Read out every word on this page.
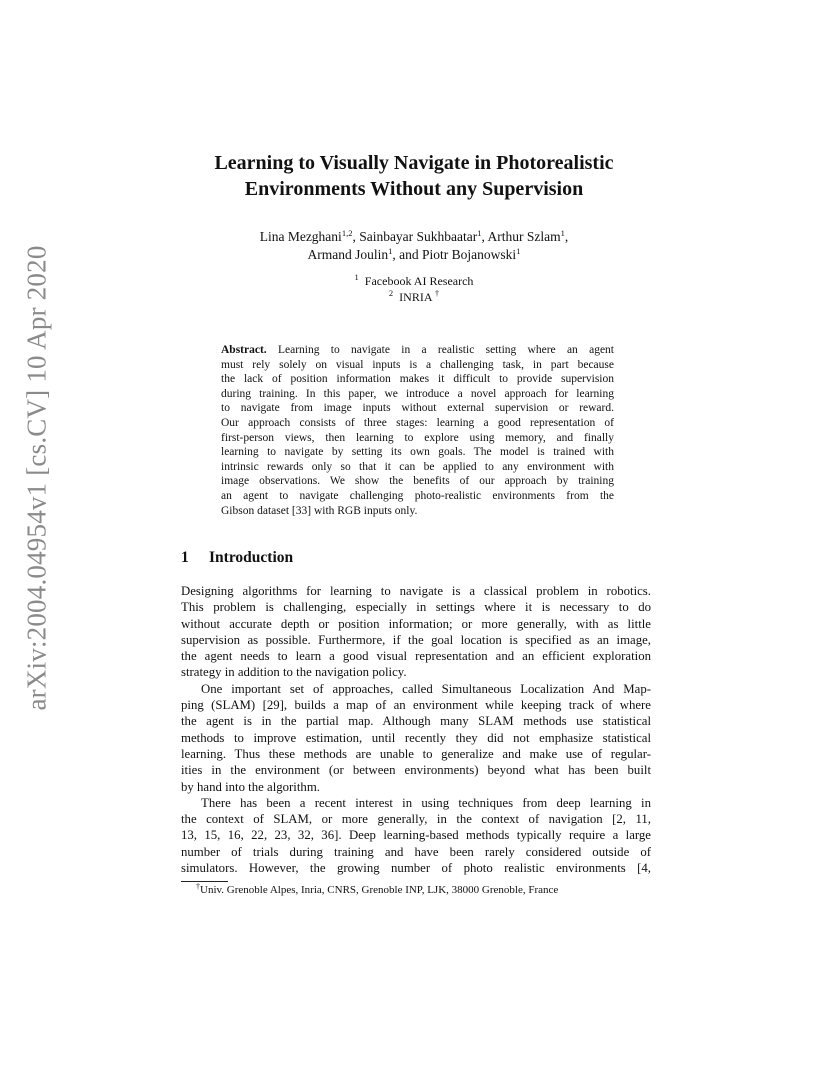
arXiv:2004.04954v1 [cs.CV] 10 Apr 2020
Learning to Visually Navigate in Photorealistic
Environments Without any Supervision
Lina Mezghani$^{1,2}$, Sainbayar Sukhbaatar$^1$, Arthur Szlam$^1$,
Armand Joulin$^1$, and Piotr Bojanowski$^1$
$^1$ Facebook AI Research
$^2$ INRIA †
Abstract. Learning to navigate in a realistic setting where an agent
must rely solely on visual inputs is a challenging task, in part because
the lack of position information makes it difficult to provide supervision
during training. In this paper, we introduce a novel approach for learning
to navigate from image inputs without external supervision or reward.
Our approach consists of three stages: learning a good representation of
first-person views, then learning to explore using memory, and finally
learning to navigate by setting its own goals. The model is trained with
intrinsic rewards only so that it can be applied to any environment with
image observations. We show the benefits of our approach by training
an agent to navigate challenging photo-realistic environments from the
Gibson dataset [33] with RGB inputs only.
1 Introduction
Designing algorithms for learning to navigate is a classical problem in robotics.
This problem is challenging, especially in settings where it is necessary to do
without accurate depth or position information; or more generally, with as little
supervision as possible. Furthermore, if the goal location is specified as an image,
the agent needs to learn a good visual representation and an efficient exploration
strategy in addition to the navigation policy.
One important set of approaches, called Simultaneous Localization And Map-
ping (SLAM) [29], builds a map of an environment while keeping track of where
the agent is in the partial map. Although many SLAM methods use statistical
methods to improve estimation, until recently they did not emphasize statistical
learning. Thus these methods are unable to generalize and make use of regular-
ities in the environment (or between environments) beyond what has been built
by hand into the algorithm.
There has been a recent interest in using techniques from deep learning in
the context of SLAM, or more generally, in the context of navigation [2, 11,
13, 15, 16, 22, 23, 32, 36]. Deep learning-based methods typically require a large
number of trials during training and have been rarely considered outside of
simulators. However, the growing number of photo realistic environments [4,
†Univ. Grenoble Alpes, Inria, CNRS, Grenoble INP, LJK, 38000 Grenoble, France
